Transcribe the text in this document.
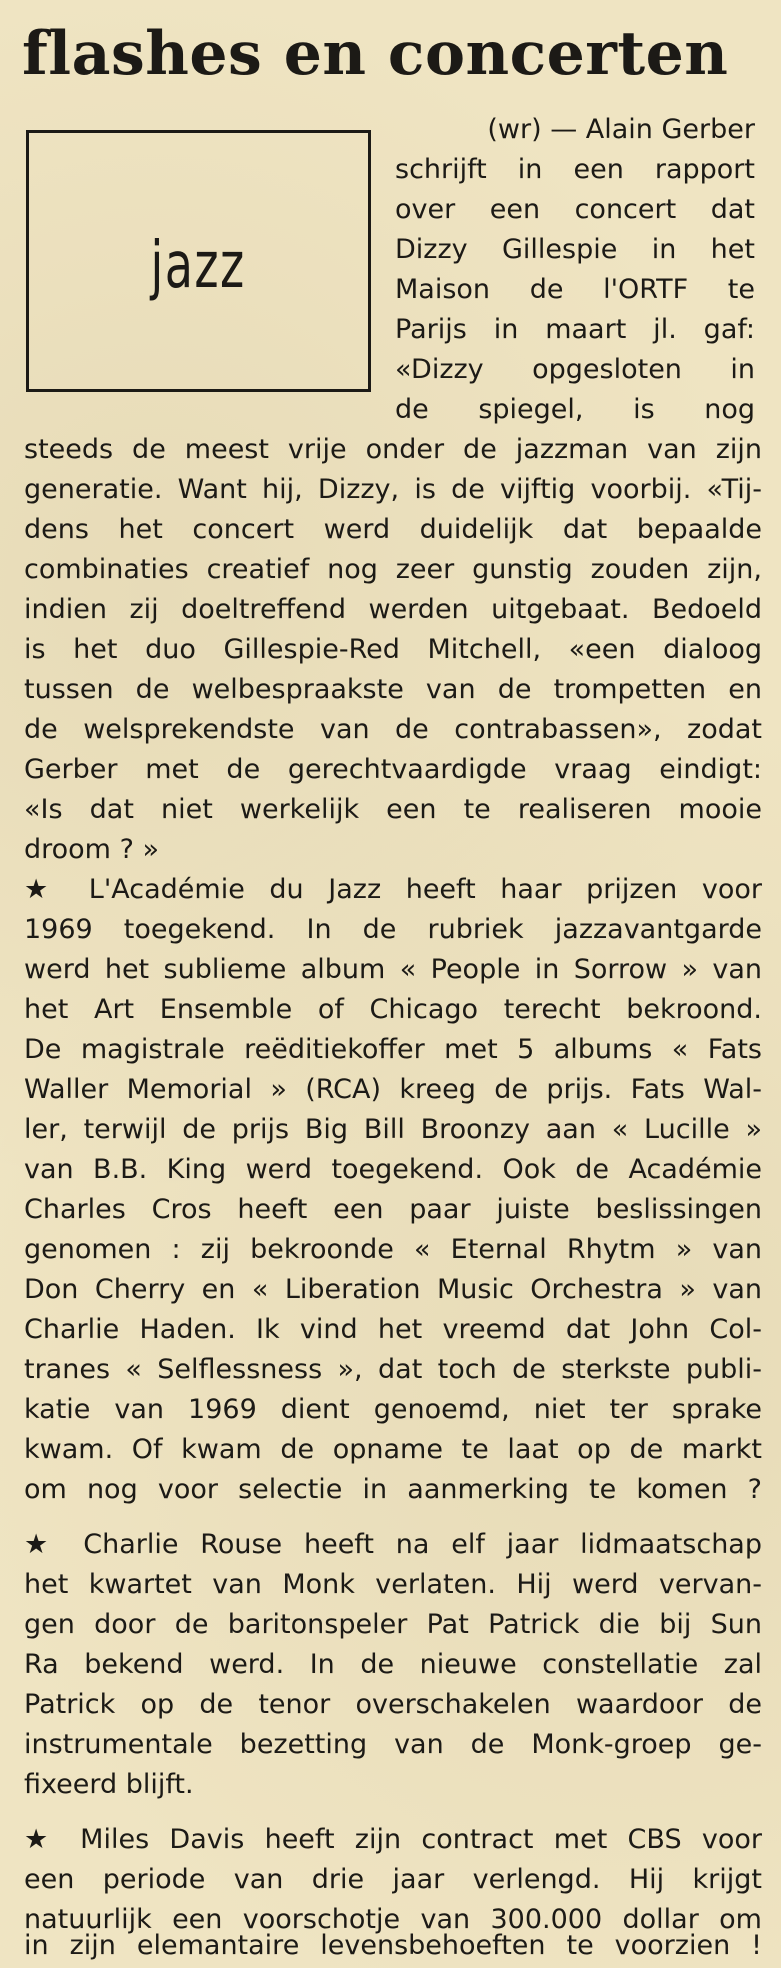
flashes en concerten
jazz
(wr) — Alain Gerber
schrijft in een rapport
over een concert dat
Dizzy Gillespie in het
Maison de l'ORTF te
Parijs in maart jl. gaf:
«Dizzy opgesloten in
de spiegel, is nog
steeds de meest vrije onder de jazzman van zijn
generatie. Want hij, Dizzy, is de vijftig voorbij. «Tij-
dens het concert werd duidelijk dat bepaalde
combinaties creatief nog zeer gunstig zouden zijn,
indien zij doeltreffend werden uitgebaat. Bedoeld
is het duo Gillespie-Red Mitchell, «een dialoog
tussen de welbespraakste van de trompetten en
de welsprekendste van de contrabassen», zodat
Gerber met de gerechtvaardigde vraag eindigt:
«Is dat niet werkelijk een te realiseren mooie
droom ? »
★ L'Académie du Jazz heeft haar prijzen voor
1969 toegekend. In de rubriek jazzavantgarde
werd het sublieme album « People in Sorrow » van
het Art Ensemble of Chicago terecht bekroond.
De magistrale reëditiekoffer met 5 albums « Fats
Waller Memorial » (RCA) kreeg de prijs. Fats Wal-
ler, terwijl de prijs Big Bill Broonzy aan « Lucille »
van B.B. King werd toegekend. Ook de Académie
Charles Cros heeft een paar juiste beslissingen
genomen : zij bekroonde « Eternal Rhytm » van
Don Cherry en « Liberation Music Orchestra » van
Charlie Haden. Ik vind het vreemd dat John Col-
tranes « Selflessness », dat toch de sterkste publi-
katie van 1969 dient genoemd, niet ter sprake
kwam. Of kwam de opname te laat op de markt
om nog voor selectie in aanmerking te komen ?
★ Charlie Rouse heeft na elf jaar lidmaatschap
het kwartet van Monk verlaten. Hij werd vervan-
gen door de baritonspeler Pat Patrick die bij Sun
Ra bekend werd. In de nieuwe constellatie zal
Patrick op de tenor overschakelen waardoor de
instrumentale bezetting van de Monk-groep ge-
fixeerd blijft.
★ Miles Davis heeft zijn contract met CBS voor
een periode van drie jaar verlengd. Hij krijgt
natuurlijk een voorschotje van 300.000 dollar om
in zijn elemantaire levensbehoeften te voorzien !
